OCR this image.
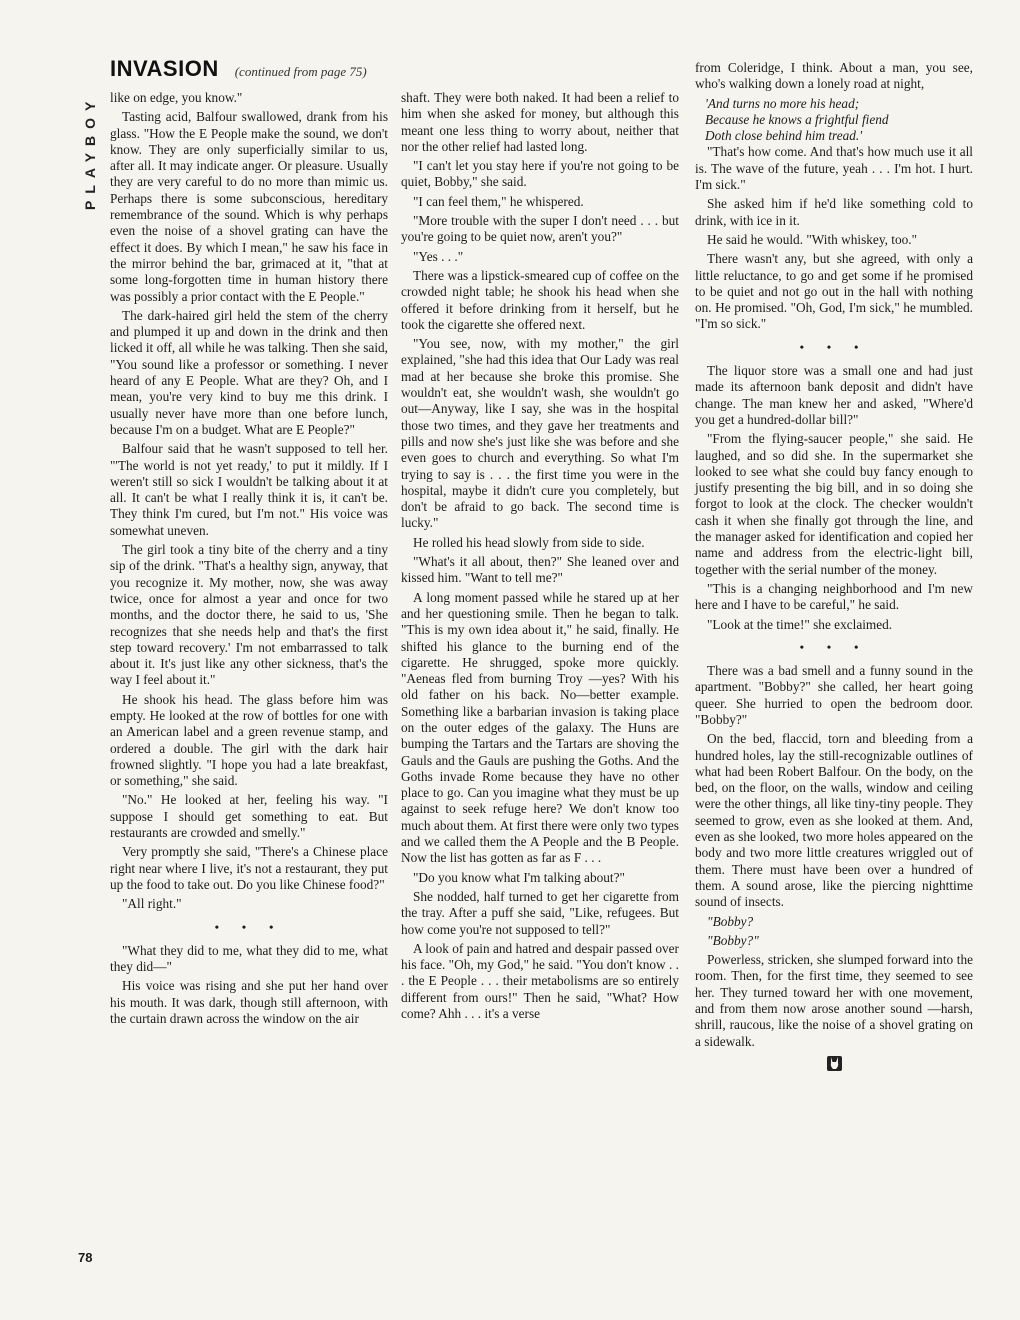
PLAYBOY
INVASION (continued from page 75)

like on edge, you know."

Tasting acid, Balfour swallowed, drank from his glass. "How the E People make the sound, we don't know. They are only superficially similar to us, after all. It may indicate anger. Or pleasure. Usually they are very careful to do no more than mimic us. Perhaps there is some subconscious, hereditary remembrance of the sound. Which is why perhaps even the noise of a shovel grating can have the effect it does. By which I mean," he saw his face in the mirror behind the bar, grimaced at it, "that at some long-forgotten time in human history there was possibly a prior contact with the E People."

The dark-haired girl held the stem of the cherry and plumped it up and down in the drink and then licked it off, all while he was talking. Then she said, "You sound like a professor or something. I never heard of any E People. What are they? Oh, and I mean, you're very kind to buy me this drink. I usually never have more than one before lunch, because I'm on a budget. What are E People?"

Balfour said that he wasn't supposed to tell her. "'The world is not yet ready,' to put it mildly. If I weren't still so sick I wouldn't be talking about it at all. It can't be what I really think it is, it can't be. They think I'm cured, but I'm not." His voice was somewhat uneven.

The girl took a tiny bite of the cherry and a tiny sip of the drink. "That's a healthy sign, anyway, that you recognize it. My mother, now, she was away twice, once for almost a year and once for two months, and the doctor there, he said to us, 'She recognizes that she needs help and that's the first step toward recovery.' I'm not embarrassed to talk about it. It's just like any other sickness, that's the way I feel about it."

He shook his head. The glass before him was empty. He looked at the row of bottles for one with an American label and a green revenue stamp, and ordered a double. The girl with the dark hair frowned slightly. "I hope you had a late breakfast, or something," she said.

"No." He looked at her, feeling his way. "I suppose I should get something to eat. But restaurants are crowded and smelly."

Very promptly she said, "There's a Chinese place right near where I live, it's not a restaurant, they put up the food to take out. Do you like Chinese food?"

"All right."

• • •

"What they did to me, what they did to me, what they did—"

His voice was rising and she put her hand over his mouth. It was dark, though still afternoon, with the curtain drawn across the window on the air

shaft. They were both naked. It had been a relief to him when she asked for money, but although this meant one less thing to worry about, neither that nor the other relief had lasted long.

"I can't let you stay here if you're not going to be quiet, Bobby," she said.

"I can feel them," he whispered.

"More trouble with the super I don't need . . . but you're going to be quiet now, aren't you?"

"Yes . . ."

There was a lipstick-smeared cup of coffee on the crowded night table; he shook his head when she offered it before drinking from it herself, but he took the cigarette she offered next.

"You see, now, with my mother," the girl explained, "she had this idea that Our Lady was real mad at her because she broke this promise. She wouldn't eat, she wouldn't wash, she wouldn't go out—Anyway, like I say, she was in the hospital those two times, and they gave her treatments and pills and now she's just like she was before and she even goes to church and everything. So what I'm trying to say is . . . the first time you were in the hospital, maybe it didn't cure you completely, but don't be afraid to go back. The second time is lucky."

He rolled his head slowly from side to side.

"What's it all about, then?" She leaned over and kissed him. "Want to tell me?"

A long moment passed while he stared up at her and her questioning smile. Then he began to talk. "This is my own idea about it," he said, finally. He shifted his glance to the burning end of the cigarette. He shrugged, spoke more quickly. "Aeneas fled from burning Troy —yes? With his old father on his back. No—better example. Something like a barbarian invasion is taking place on the outer edges of the galaxy. The Huns are bumping the Tartars and the Tartars are shoving the Gauls and the Gauls are pushing the Goths. And the Goths invade Rome because they have no other place to go. Can you imagine what they must be up against to seek refuge here? We don't know too much about them. At first there were only two types and we called them the A People and the B People. Now the list has gotten as far as F . . .

"Do you know what I'm talking about?"

She nodded, half turned to get her cigarette from the tray. After a puff she said, "Like, refugees. But how come you're not supposed to tell?"

A look of pain and hatred and despair passed over his face. "Oh, my God," he said. "You don't know . . . the E People . . . their metabolisms are so entirely different from ours!" Then he said, "What? How come? Ahh . . . it's a verse

from Coleridge, I think. About a man, you see, who's walking down a lonely road at night,

'And turns no more his head;

Because he knows a frightful fiend

Doth close behind him tread.'

"That's how come. And that's how much use it all is. The wave of the future, yeah . . . I'm hot. I hurt. I'm sick."

She asked him if he'd like something cold to drink, with ice in it.

He said he would. "With whiskey, too."

There wasn't any, but she agreed, with only a little reluctance, to go and get some if he promised to be quiet and not go out in the hall with nothing on. He promised. "Oh, God, I'm sick," he mumbled. "I'm so sick."

• • •

The liquor store was a small one and had just made its afternoon bank deposit and didn't have change. The man knew her and asked, "Where'd you get a hundred-dollar bill?"

"From the flying-saucer people," she said. He laughed, and so did she. In the supermarket she looked to see what she could buy fancy enough to justify presenting the big bill, and in so doing she forgot to look at the clock. The checker wouldn't cash it when she finally got through the line, and the manager asked for identification and copied her name and address from the electric-light bill, together with the serial number of the money.

"This is a changing neighborhood and I'm new here and I have to be careful," he said.

"Look at the time!" she exclaimed.

• • •

There was a bad smell and a funny sound in the apartment. "Bobby?" she called, her heart going queer. She hurried to open the bedroom door. "Bobby?"

On the bed, flaccid, torn and bleeding from a hundred holes, lay the still-recognizable outlines of what had been Robert Balfour. On the body, on the bed, on the floor, on the walls, window and ceiling were the other things, all like tiny-tiny people. They seemed to grow, even as she looked at them. And, even as she looked, two more holes appeared on the body and two more little creatures wriggled out of them. There must have been over a hundred of them. A sound arose, like the piercing nighttime sound of insects.

"Bobby?

"Bobby?"

Powerless, stricken, she slumped forward into the room. Then, for the first time, they seemed to see her. They turned toward her with one movement, and from them now arose another sound —harsh, shrill, raucous, like the noise of a shovel grating on a sidewalk.

78
